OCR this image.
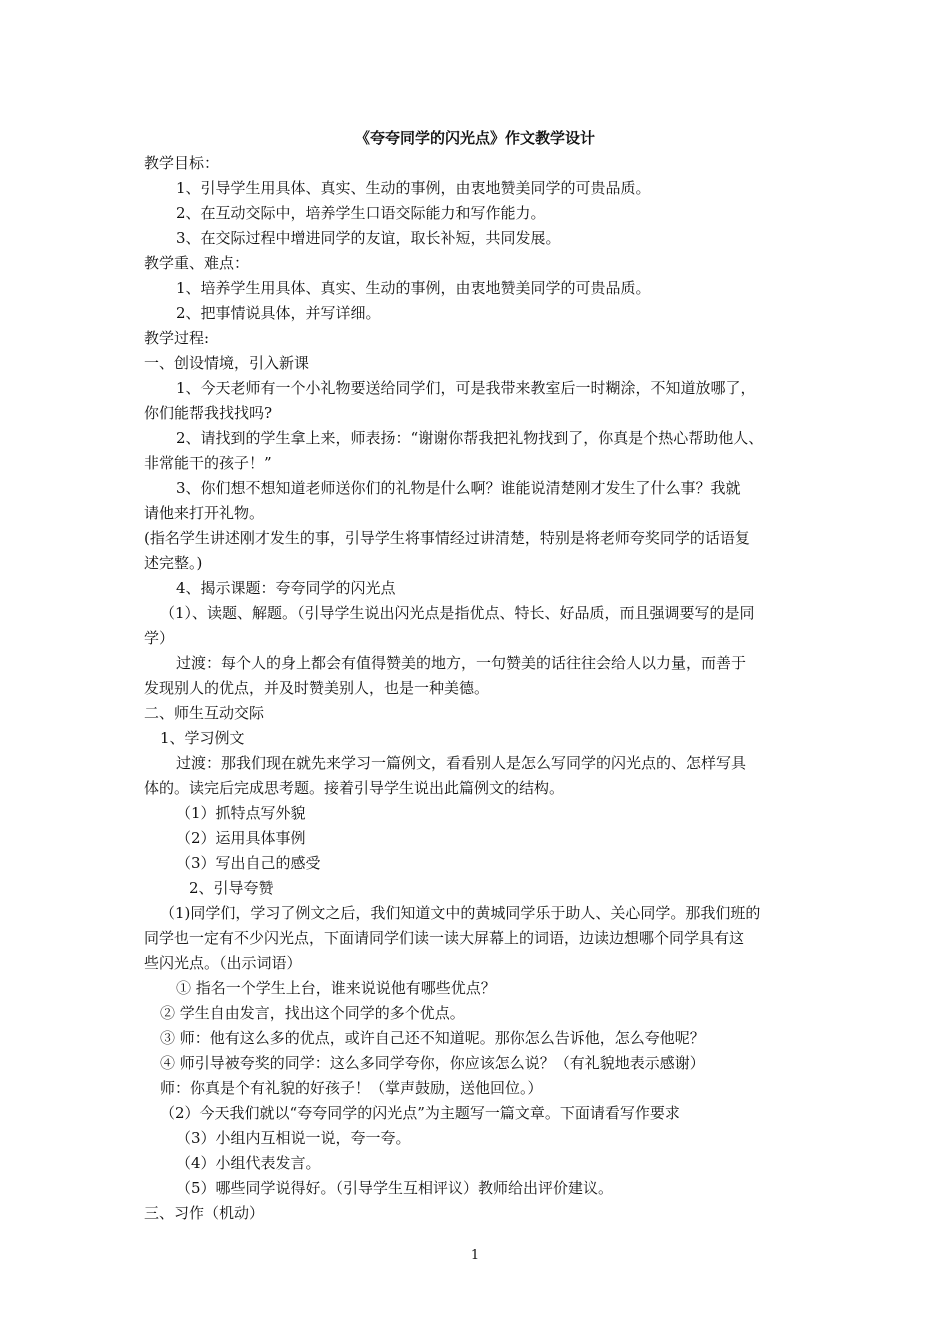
《夸夸同学的闪光点》作文教学设计
教学目标：
1、引导学生用具体、真实、生动的事例，由衷地赞美同学的可贵品质。
2、在互动交际中，培养学生口语交际能力和写作能力。
3、在交际过程中增进同学的友谊，取长补短，共同发展。
教学重、难点：
1、培养学生用具体、真实、生动的事例，由衷地赞美同学的可贵品质。
2、把事情说具体，并写详细。
教学过程:
一、创设情境，引入新课
1、今天老师有一个小礼物要送给同学们，可是我带来教室后一时糊涂，不知道放哪了，
你们能帮我找找吗?
2、请找到的学生拿上来，师表扬：“谢谢你帮我把礼物找到了，你真是个热心帮助他人、
非常能干的孩子！”
3、你们想不想知道老师送你们的礼物是什么啊？谁能说清楚刚才发生了什么事？我就
请他来打开礼物。
(指名学生讲述刚才发生的事，引导学生将事情经过讲清楚，特别是将老师夸奖同学的话语复
述完整。)
4、揭示课题：夸夸同学的闪光点
（1）、读题、解题。（引导学生说出闪光点是指优点、特长、好品质，而且强调要写的是同
学）
过渡：每个人的身上都会有值得赞美的地方，一句赞美的话往往会给人以力量，而善于
发现别人的优点，并及时赞美别人，也是一种美德。
二、师生互动交际
1、学习例文
过渡：那我们现在就先来学习一篇例文，看看别人是怎么写同学的闪光点的、怎样写具
体的。读完后完成思考题。接着引导学生说出此篇例文的结构。
（1）抓特点写外貌
（2）运用具体事例
（3）写出自己的感受
2、引导夸赞
（1)同学们，学习了例文之后，我们知道文中的黄城同学乐于助人、关心同学。那我们班的
同学也一定有不少闪光点，下面请同学们读一读大屏幕上的词语，边读边想哪个同学具有这
些闪光点。（出示词语）
① 指名一个学生上台，谁来说说他有哪些优点？
② 学生自由发言，找出这个同学的多个优点。
③ 师：他有这么多的优点，或许自己还不知道呢。那你怎么告诉他，怎么夸他呢？
④ 师引导被夸奖的同学：这么多同学夸你，你应该怎么说？（有礼貌地表示感谢）
师：你真是个有礼貌的好孩子！（掌声鼓励，送他回位。）
（2）今天我们就以“夸夸同学的闪光点”为主题写一篇文章。下面请看写作要求
（3）小组内互相说一说，夸一夸。
（4）小组代表发言。
（5）哪些同学说得好。（引导学生互相评议）教师给出评价建议。
三、习作（机动）
1
